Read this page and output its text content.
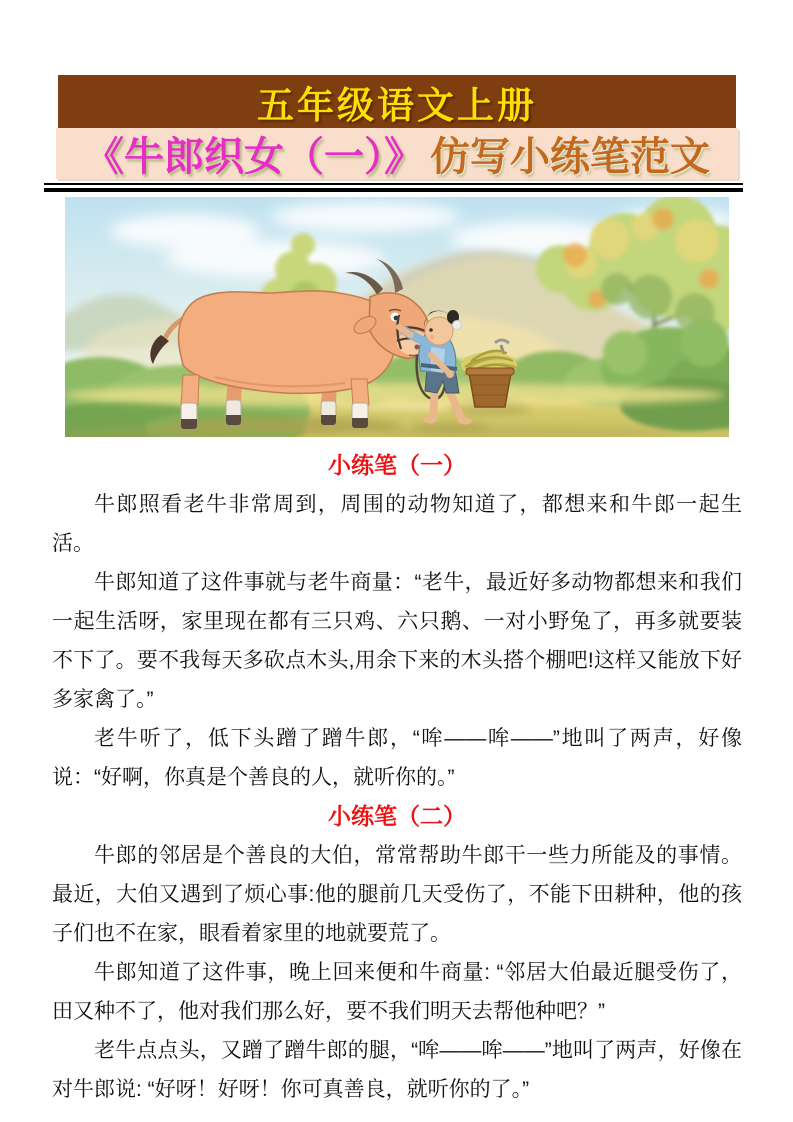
五年级语文上册
《牛郎织女（一）》 仿写小练笔范文
小练笔（一）

牛郎照看老牛非常周到，周围的动物知道了，都想来和牛郎一起生活。

牛郎知道了这件事就与老牛商量：“老牛，最近好多动物都想来和我们一起生活呀，家里现在都有三只鸡、六只鹅、一对小野兔了，再多就要装不下了。要不我每天多砍点木头,用余下来的木头搭个棚吧!这样又能放下好多家禽了。”

老牛听了，低下头蹭了蹭牛郎，“哞——哞——”地叫了两声，好像说：“好啊，你真是个善良的人，就听你的。”

小练笔（二）

牛郎的邻居是个善良的大伯，常常帮助牛郎干一些力所能及的事情。最近，大伯又遇到了烦心事:他的腿前几天受伤了，不能下田耕种，他的孩子们也不在家，眼看着家里的地就要荒了。

牛郎知道了这件事，晚上回来便和牛商量: “邻居大伯最近腿受伤了，田又种不了，他对我们那么好，要不我们明天去帮他种吧？”

老牛点点头，又蹭了蹭牛郎的腿，“哞——哞——”地叫了两声，好像在对牛郎说: “好呀！好呀！你可真善良，就听你的了。”
